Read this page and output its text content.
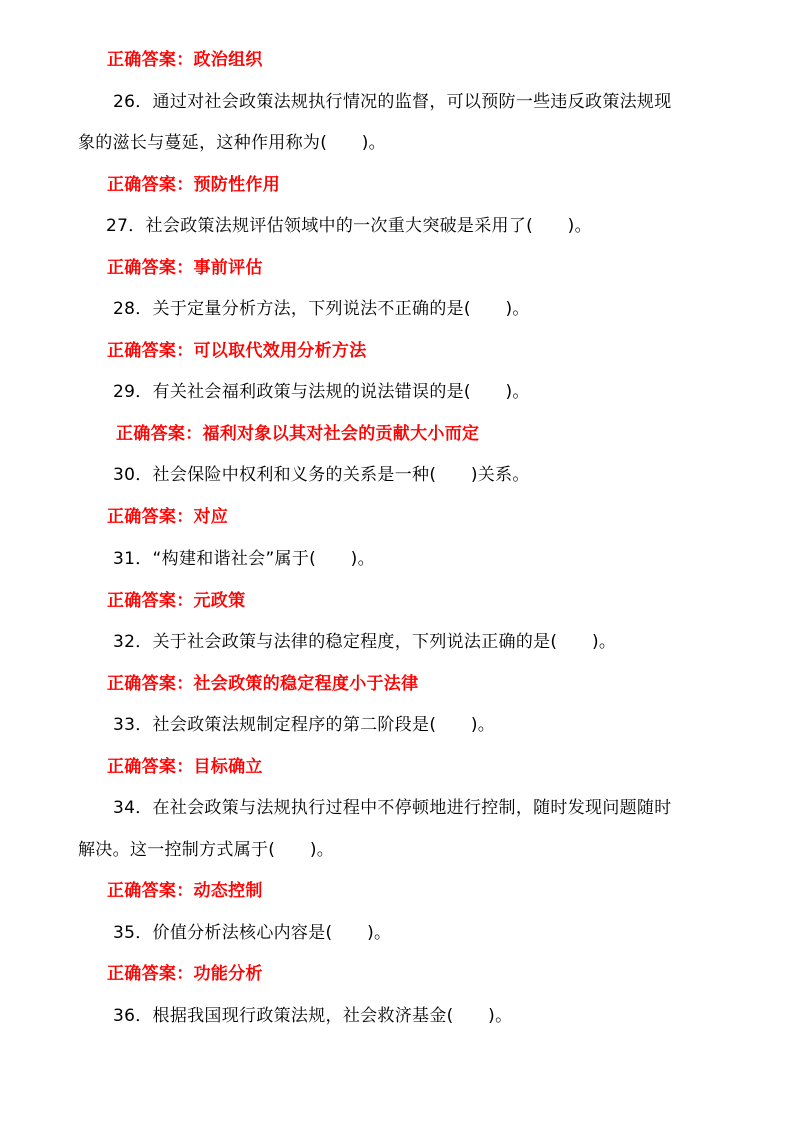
正确答案：政治组织
26．通过对社会政策法规执行情况的监督，可以预防一些违反政策法规现
象的滋长与蔓延，这种作用称为(　　)。
正确答案：预防性作用
27．社会政策法规评估领域中的一次重大突破是采用了(　　)。
正确答案：事前评估
28．关于定量分析方法，下列说法不正确的是(　　)。
正确答案：可以取代效用分析方法
29．有关社会福利政策与法规的说法错误的是(　　)。
正确答案：福利对象以其对社会的贡献大小而定
30．社会保险中权利和义务的关系是一种(　　)关系。
正确答案：对应
31．“构建和谐社会”属于(　　)。
正确答案：元政策
32．关于社会政策与法律的稳定程度，下列说法正确的是(　　)。
正确答案：社会政策的稳定程度小于法律
33．社会政策法规制定程序的第二阶段是(　　)。
正确答案：目标确立
34．在社会政策与法规执行过程中不停顿地进行控制，随时发现问题随时
解决。这一控制方式属于(　　)。
正确答案：动态控制
35．价值分析法核心内容是(　　)。
正确答案：功能分析
36．根据我国现行政策法规，社会救济基金(　　)。
